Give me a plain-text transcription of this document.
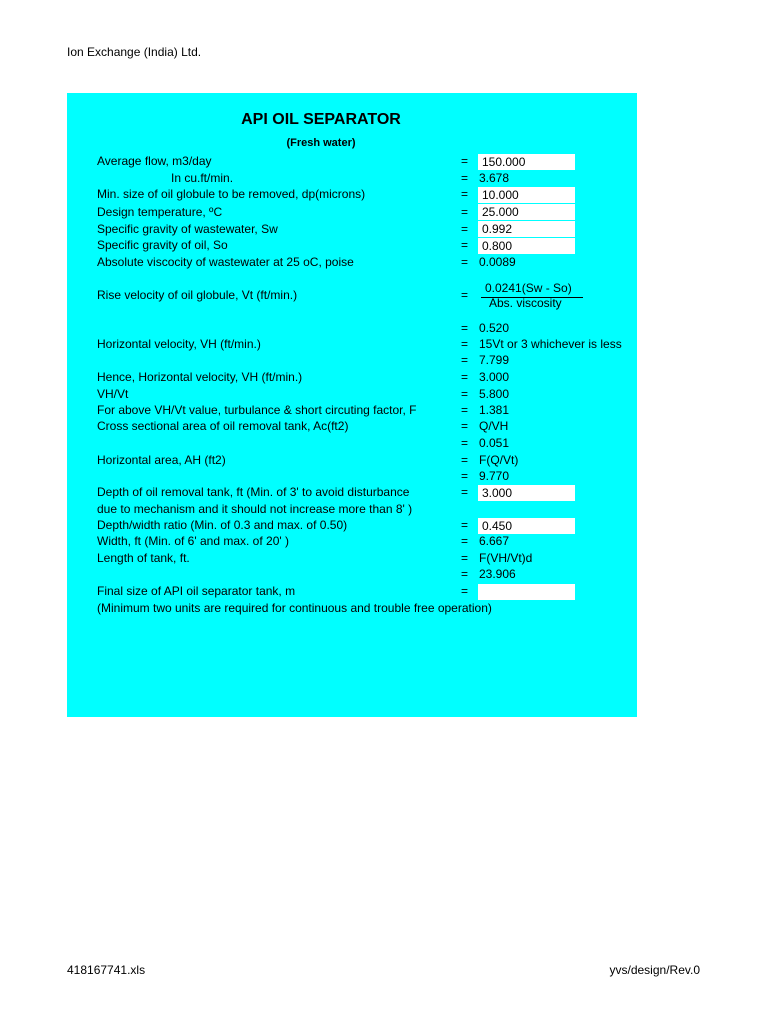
Ion Exchange (India) Ltd.
API OIL SEPARATOR
(Fresh water)
Average flow, m3/day	=	150.000
In cu.ft/min.	= 3.678
Min. size of oil globule to be removed, dp(microns)	=	10.000
Design temperature, ºC	=	25.000
Specific gravity of wastewater, Sw	=	0.992
Specific gravity of oil, So	=	0.800
Absolute viscocity of wastewater at 25 oC, poise	= 0.0089
Rise velocity of oil globule, Vt (ft/min.)	= 0.0241(Sw - So)
Abs. viscosity
= 0.520
Horizontal velocity, VH (ft/min.)	= 15Vt or 3 whichever is less
= 7.799
Hence, Horizontal velocity, VH (ft/min.)	= 3.000
VH/Vt	= 5.800
For above VH/Vt value, turbulance & short circuting factor, F	= 1.381
Cross sectional area of oil removal tank, Ac(ft2)	= Q/VH
= 0.051
Horizontal area, AH (ft2)	= F(Q/Vt)
= 9.770
Depth of oil removal tank, ft (Min. of 3' to avoid disturbance	=	3.000
due to mechanism and it should not increase more than 8' )
Depth/width ratio (Min. of 0.3 and max. of 0.50)	=	0.450
Width, ft (Min. of 6' and max. of 20' )	= 6.667
Length of tank, ft.	= F(VH/Vt)d
= 23.906
Final size of API oil separator tank, m	=
(Minimum two units are required for continuous and trouble free operation)
418167741.xls	yvs/design/Rev.0
